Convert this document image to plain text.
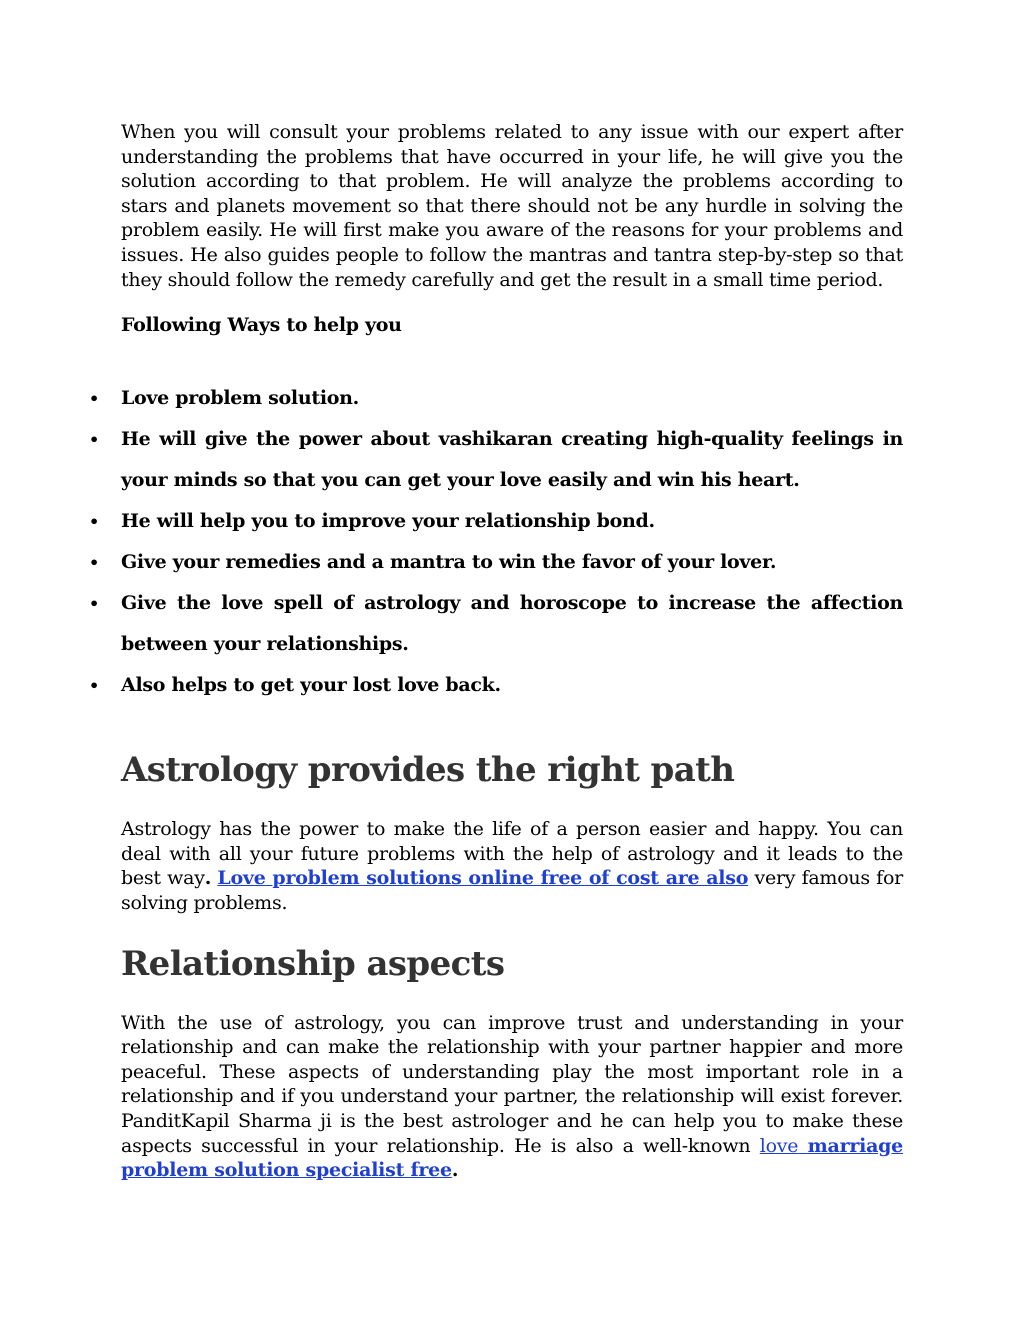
When you will consult your problems related to any issue with our expert after understanding the problems that have occurred in your life, he will give you the solution according to that problem. He will analyze the problems according to stars and planets movement so that there should not be any hurdle in solving the problem easily. He will first make you aware of the reasons for your problems and issues. He also guides people to follow the mantras and tantra step-by-step so that they should follow the remedy carefully and get the result in a small time period.

Following Ways to help you

• Love problem solution.
• He will give the power about vashikaran creating high-quality feelings in your minds so that you can get your love easily and win his heart.
• He will help you to improve your relationship bond.
• Give your remedies and a mantra to win the favor of your lover.
• Give the love spell of astrology and horoscope to increase the affection between your relationships.
• Also helps to get your lost love back.
Astrology provides the right path

Astrology has the power to make the life of a person easier and happy. You can deal with all your future problems with the help of astrology and it leads to the best way. Love problem solutions online free of cost are also very famous for solving problems.

Relationship aspects

With the use of astrology, you can improve trust and understanding in your relationship and can make the relationship with your partner happier and more peaceful. These aspects of understanding play the most important role in a relationship and if you understand your partner, the relationship will exist forever. PanditKapil Sharma ji is the best astrologer and he can help you to make these aspects successful in your relationship. He is also a well-known love marriage problem solution specialist free.
